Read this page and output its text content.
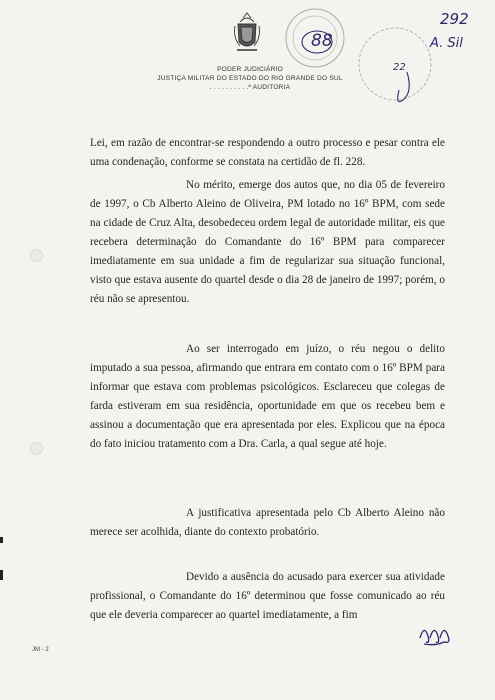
PODER JUDICIÁRIO
JUSTIÇA MILITAR DO ESTADO DO RIO GRANDE DO SUL
. . . . . . . . . .ª AUDITORIA
88
22
292
A. Sil

Lei, em razão de encontrar-se respondendo a outro processo e pesar contra ele uma condenação, conforme se constata na certidão de fl. 228.

No mérito, emerge dos autos que, no dia 05 de fevereiro de 1997, o Cb Alberto Aleino de Oliveira, PM lotado no 16º BPM, com sede na cidade de Cruz Alta, desobedeceu ordem legal de autoridade militar, eis que recebera determinação do Comandante do 16º BPM para comparecer imediatamente em sua unidade a fim de regularizar sua situação funcional, visto que estava ausente do quartel desde o dia 28 de janeiro de 1997; porém, o réu não se apresentou.

Ao ser interrogado em juízo, o réu negou o delito imputado a sua pessoa, afirmando que entrara em contato com o 16º BPM para informar que estava com problemas psicológicos. Esclareceu que colegas de farda estiveram em sua residência, oportunidade em que os recebeu bem e assinou a documentação que era apresentada por eles. Explicou que na época do fato iniciou tratamento com a Dra. Carla, a qual segue até hoje.

A justificativa apresentada pelo Cb Alberto Aleino não merece ser acolhida, diante do contexto probatório.

Devido a ausência do acusado para exercer sua atividade profissional, o Comandante do 16º determinou que fosse comunicado ao réu que ele deveria comparecer ao quartel imediatamente, a fim

JM - 2
